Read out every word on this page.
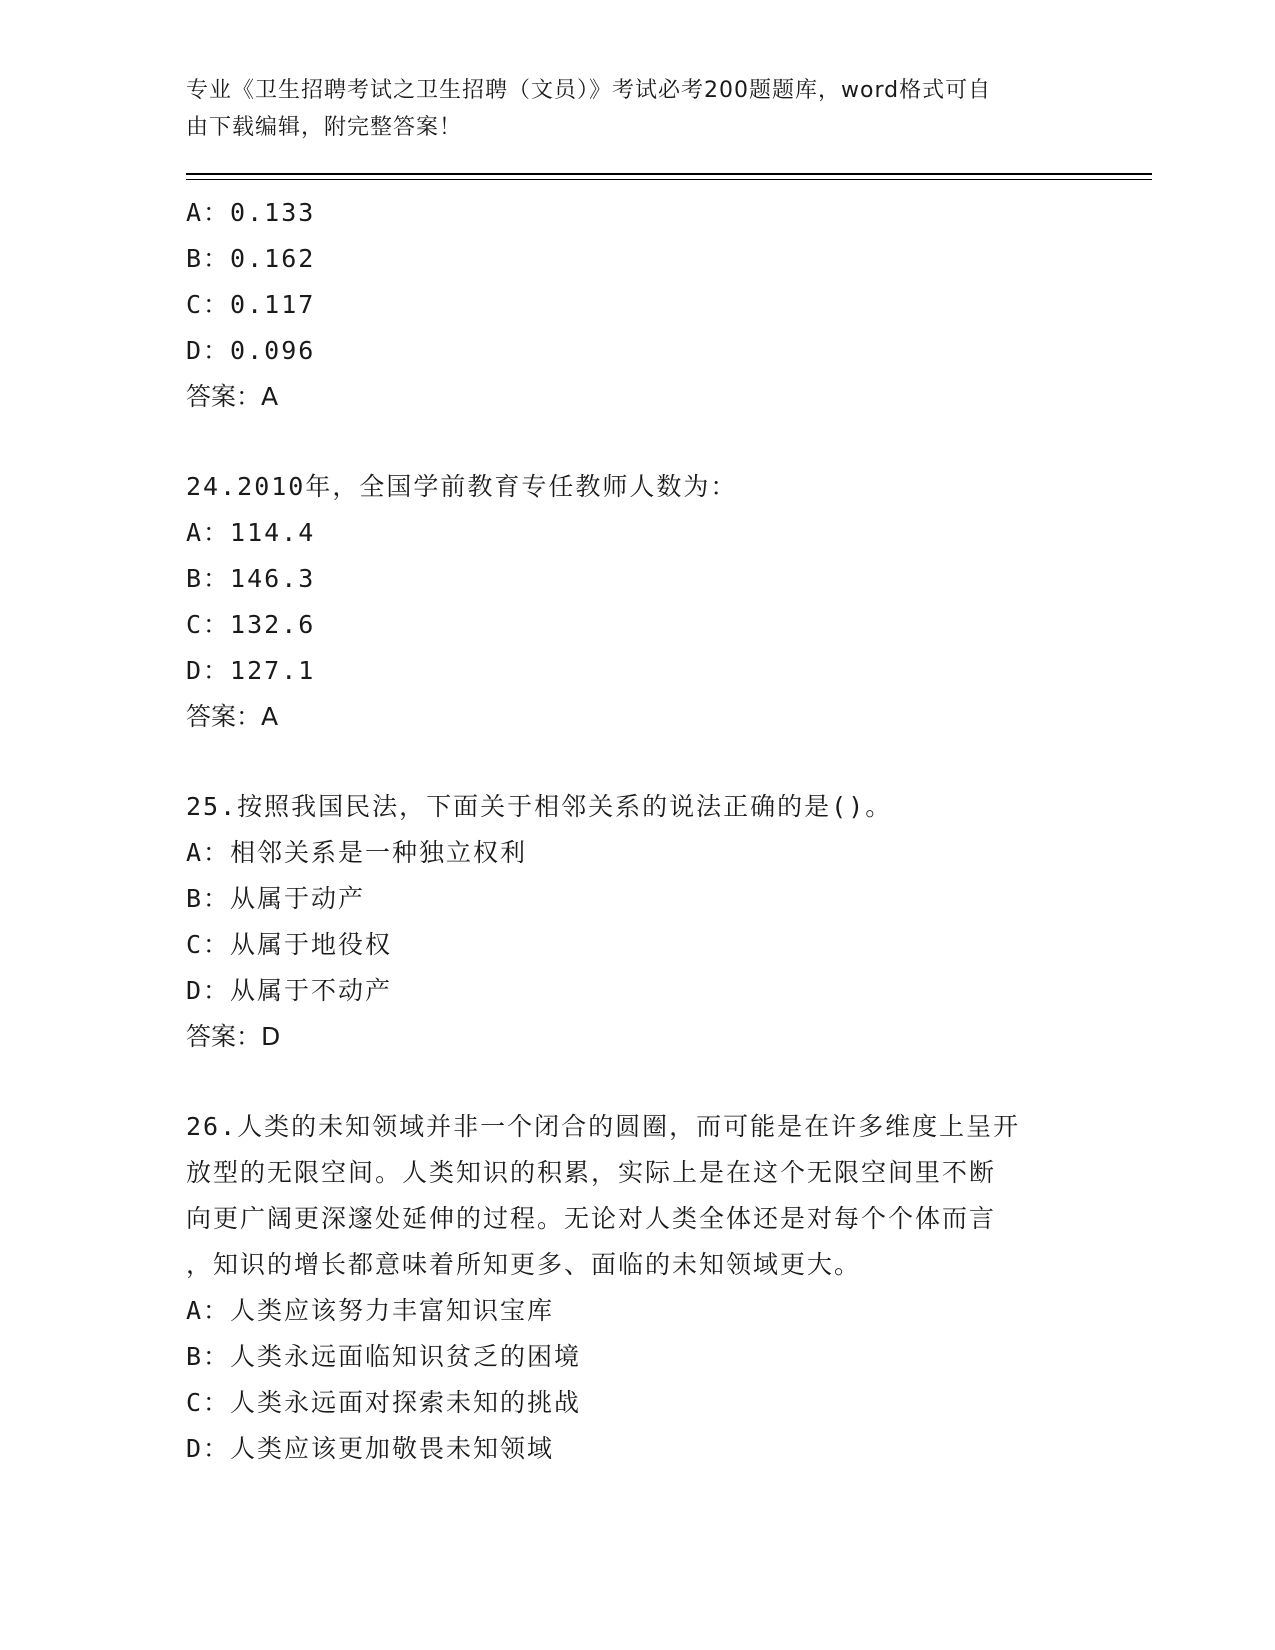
专业《卫生招聘考试之卫生招聘（文员）》考试必考200题题库，word格式可自
由下载编辑，附完整答案！
A：0.133
B：0.162
C：0.117
D：0.096
答案：A
24.2010年，全国学前教育专任教师人数为：
A：114.4
B：146.3
C：132.6
D：127.1
答案：A
25.按照我国民法，下面关于相邻关系的说法正确的是()。
A：相邻关系是一种独立权利
B：从属于动产
C：从属于地役权
D：从属于不动产
答案：D
26.人类的未知领域并非一个闭合的圆圈，而可能是在许多维度上呈开
放型的无限空间。人类知识的积累，实际上是在这个无限空间里不断
向更广阔更深邃处延伸的过程。无论对人类全体还是对每个个体而言
，知识的增长都意味着所知更多、面临的未知领域更大。
A：人类应该努力丰富知识宝库
B：人类永远面临知识贫乏的困境
C：人类永远面对探索未知的挑战
D：人类应该更加敬畏未知领域
